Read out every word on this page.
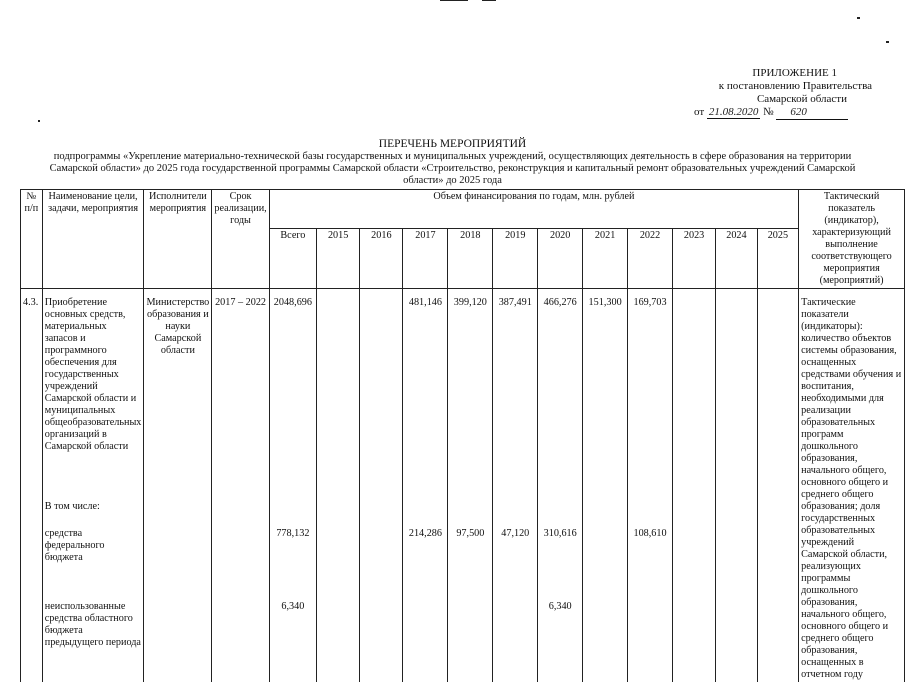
ПРИЛОЖЕНИЕ 1
к постановлению Правительства
Самарской области
от 21.08.2020 № 620
ПЕРЕЧЕНЬ МЕРОПРИЯТИЙ
подпрограммы «Укрепление материально-технической базы государственных и муниципальных учреждений, осуществляющих деятельность в сфере образования на территории Самарской области» до 2025 года государственной программы Самарской области «Строительство, реконструкция и капитальный ремонт образовательных учреждений Самарской области» до 2025 года
№ п/п	Наименование цели, задачи, мероприятия	Исполнители мероприятия	Срок реализации, годы	Объем финансирования по годам, млн. рублей												Тактический показатель (индикатор), характеризующий выполнение соответствующего мероприятия (мероприятий)
				Всего	2015	2016	2017	2018	2019	2020	2021	2022	2023	2024	2025	
4.3.	Приобретение основных средств, материальных запасов и программного обеспечения для государственных учреждений Самарской области и муниципальных общеобразовательных организаций в Самарской области	Министерство образования и науки Самарской области	2017 – 2022	2048,696			481,146	399,120	387,491	466,276	151,300	169,703				Тактические показатели (индикаторы): количество объектов системы образования, оснащенных средствами обучения и воспитания, необходимыми для реализации образовательных программ дошкольного образования, начального общего, основного общего и среднего общего образования; доля государственных образовательных учреждений Самарской области, реализующих программы дошкольного образования, начального общего, основного общего и среднего общего образования, оснащенных в отчетном году
	В том числе:															
	средства федерального бюджета			778,132			214,286	97,500	47,120	310,616		108,610				
	неиспользованные средства областного бюджета предыдущего периода			6,340						6,340						
